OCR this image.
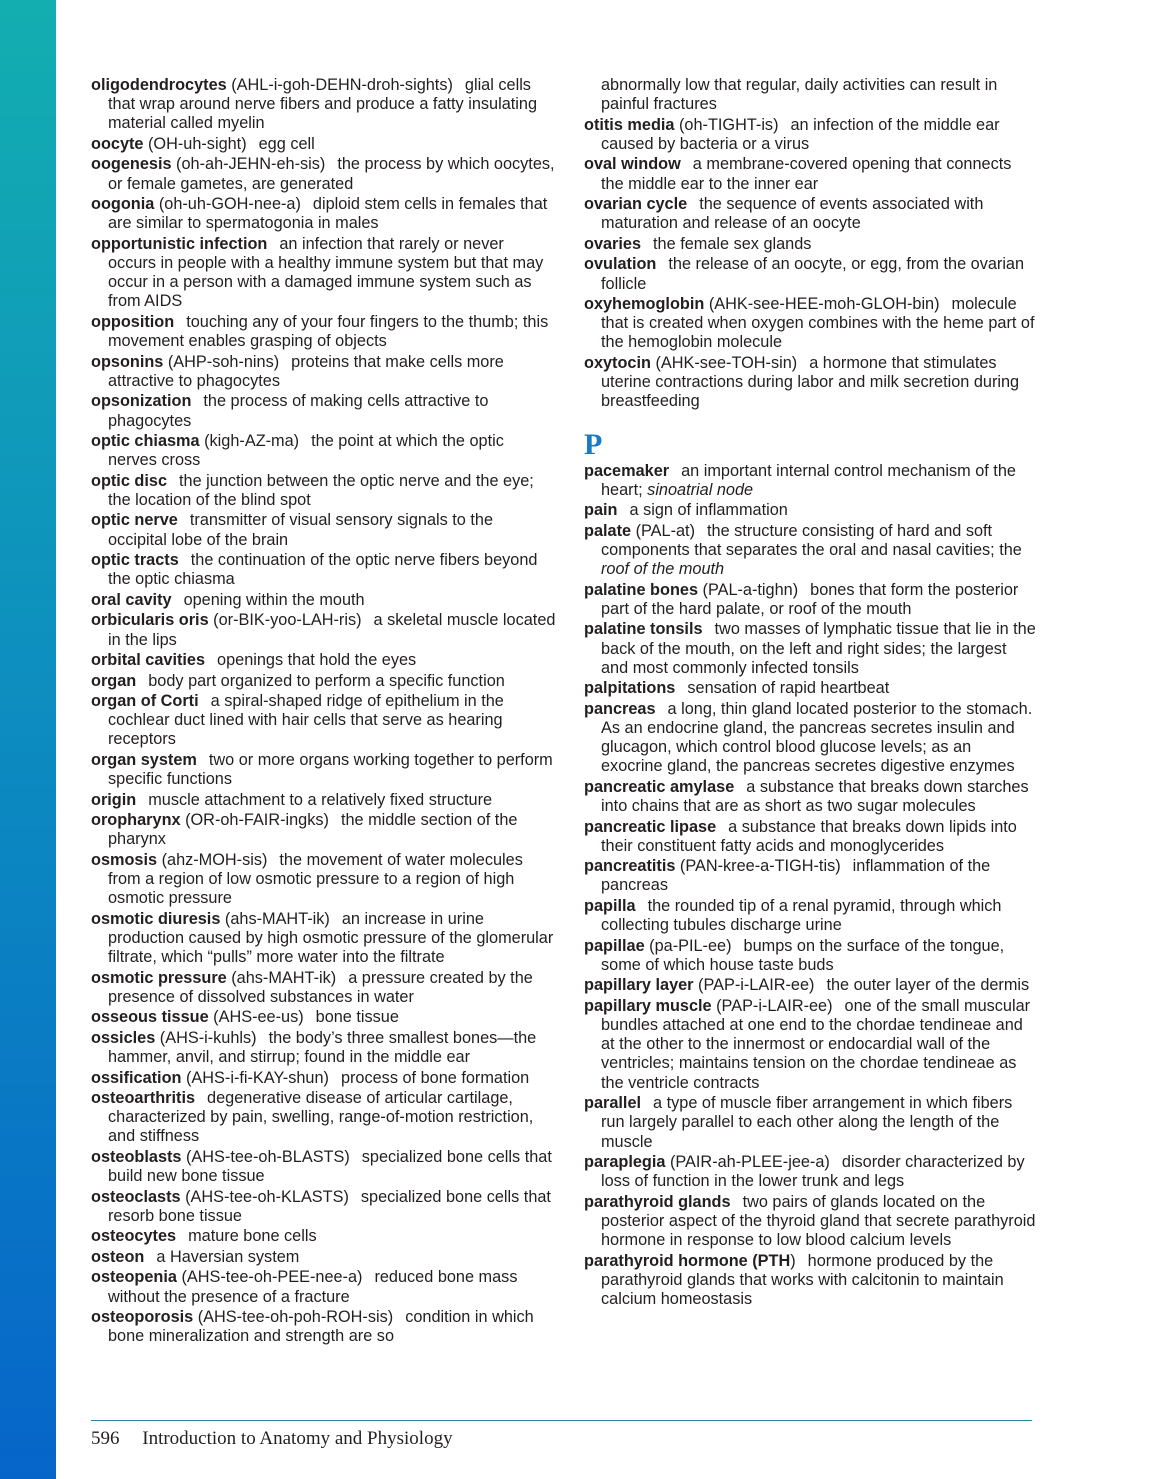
oligodendrocytes (AHL-i-goh-DEHN-droh-sights) glial cells that wrap around nerve fibers and produce a fatty insulating material called myelin
oocyte (OH-uh-sight) egg cell
oogenesis (oh-ah-JEHN-eh-sis) the process by which oocytes, or female gametes, are generated
oogonia (oh-uh-GOH-nee-a) diploid stem cells in females that are similar to spermatogonia in males
opportunistic infection an infection that rarely or never occurs in people with a healthy immune system but that may occur in a person with a damaged immune system such as from AIDS
opposition touching any of your four fingers to the thumb; this movement enables grasping of objects
opsonins (AHP-soh-nins) proteins that make cells more attractive to phagocytes
opsonization the process of making cells attractive to phagocytes
optic chiasma (kigh-AZ-ma) the point at which the optic nerves cross
optic disc the junction between the optic nerve and the eye; the location of the blind spot
optic nerve transmitter of visual sensory signals to the occipital lobe of the brain
optic tracts the continuation of the optic nerve fibers beyond the optic chiasma
oral cavity opening within the mouth
orbicularis oris (or-BIK-yoo-LAH-ris) a skeletal muscle located in the lips
orbital cavities openings that hold the eyes
organ body part organized to perform a specific function
organ of Corti a spiral-shaped ridge of epithelium in the cochlear duct lined with hair cells that serve as hearing receptors
organ system two or more organs working together to perform specific functions
origin muscle attachment to a relatively fixed structure
oropharynx (OR-oh-FAIR-ingks) the middle section of the pharynx
osmosis (ahz-MOH-sis) the movement of water molecules from a region of low osmotic pressure to a region of high osmotic pressure
osmotic diuresis (ahs-MAHT-ik) an increase in urine production caused by high osmotic pressure of the glomerular filtrate, which “pulls” more water into the filtrate
osmotic pressure (ahs-MAHT-ik) a pressure created by the presence of dissolved substances in water
osseous tissue (AHS-ee-us) bone tissue
ossicles (AHS-i-kuhls) the body’s three smallest bones—the hammer, anvil, and stirrup; found in the middle ear
ossification (AHS-i-fi-KAY-shun) process of bone formation
osteoarthritis degenerative disease of articular cartilage, characterized by pain, swelling, range-of-motion restriction, and stiffness
osteoblasts (AHS-tee-oh-BLASTS) specialized bone cells that build new bone tissue
osteoclasts (AHS-tee-oh-KLASTS) specialized bone cells that resorb bone tissue
osteocytes mature bone cells
osteon a Haversian system
osteopenia (AHS-tee-oh-PEE-nee-a) reduced bone mass without the presence of a fracture
osteoporosis (AHS-tee-oh-poh-ROH-sis) condition in which bone mineralization and strength are so
abnormally low that regular, daily activities can result in painful fractures
otitis media (oh-TIGHT-is) an infection of the middle ear caused by bacteria or a virus
oval window a membrane-covered opening that connects the middle ear to the inner ear
ovarian cycle the sequence of events associated with maturation and release of an oocyte
ovaries the female sex glands
ovulation the release of an oocyte, or egg, from the ovarian follicle
oxyhemoglobin (AHK-see-HEE-moh-GLOH-bin) molecule that is created when oxygen combines with the heme part of the hemoglobin molecule
oxytocin (AHK-see-TOH-sin) a hormone that stimulates uterine contractions during labor and milk secretion during breastfeeding
P
pacemaker an important internal control mechanism of the heart; sinoatrial node
pain a sign of inflammation
palate (PAL-at) the structure consisting of hard and soft components that separates the oral and nasal cavities; the roof of the mouth
palatine bones (PAL-a-tighn) bones that form the posterior part of the hard palate, or roof of the mouth
palatine tonsils two masses of lymphatic tissue that lie in the back of the mouth, on the left and right sides; the largest and most commonly infected tonsils
palpitations sensation of rapid heartbeat
pancreas a long, thin gland located posterior to the stomach. As an endocrine gland, the pancreas secretes insulin and glucagon, which control blood glucose levels; as an exocrine gland, the pancreas secretes digestive enzymes
pancreatic amylase a substance that breaks down starches into chains that are as short as two sugar molecules
pancreatic lipase a substance that breaks down lipids into their constituent fatty acids and monoglycerides
pancreatitis (PAN-kree-a-TIGH-tis) inflammation of the pancreas
papilla the rounded tip of a renal pyramid, through which collecting tubules discharge urine
papillae (pa-PIL-ee) bumps on the surface of the tongue, some of which house taste buds
papillary layer (PAP-i-LAIR-ee) the outer layer of the dermis
papillary muscle (PAP-i-LAIR-ee) one of the small muscular bundles attached at one end to the chordae tendineae and at the other to the innermost or endocardial wall of the ventricles; maintains tension on the chordae tendineae as the ventricle contracts
parallel a type of muscle fiber arrangement in which fibers run largely parallel to each other along the length of the muscle
paraplegia (PAIR-ah-PLEE-jee-a) disorder characterized by loss of function in the lower trunk and legs
parathyroid glands two pairs of glands located on the posterior aspect of the thyroid gland that secrete parathyroid hormone in response to low blood calcium levels
parathyroid hormone (PTH) hormone produced by the parathyroid glands that works with calcitonin to maintain calcium homeostasis
596 Introduction to Anatomy and Physiology
